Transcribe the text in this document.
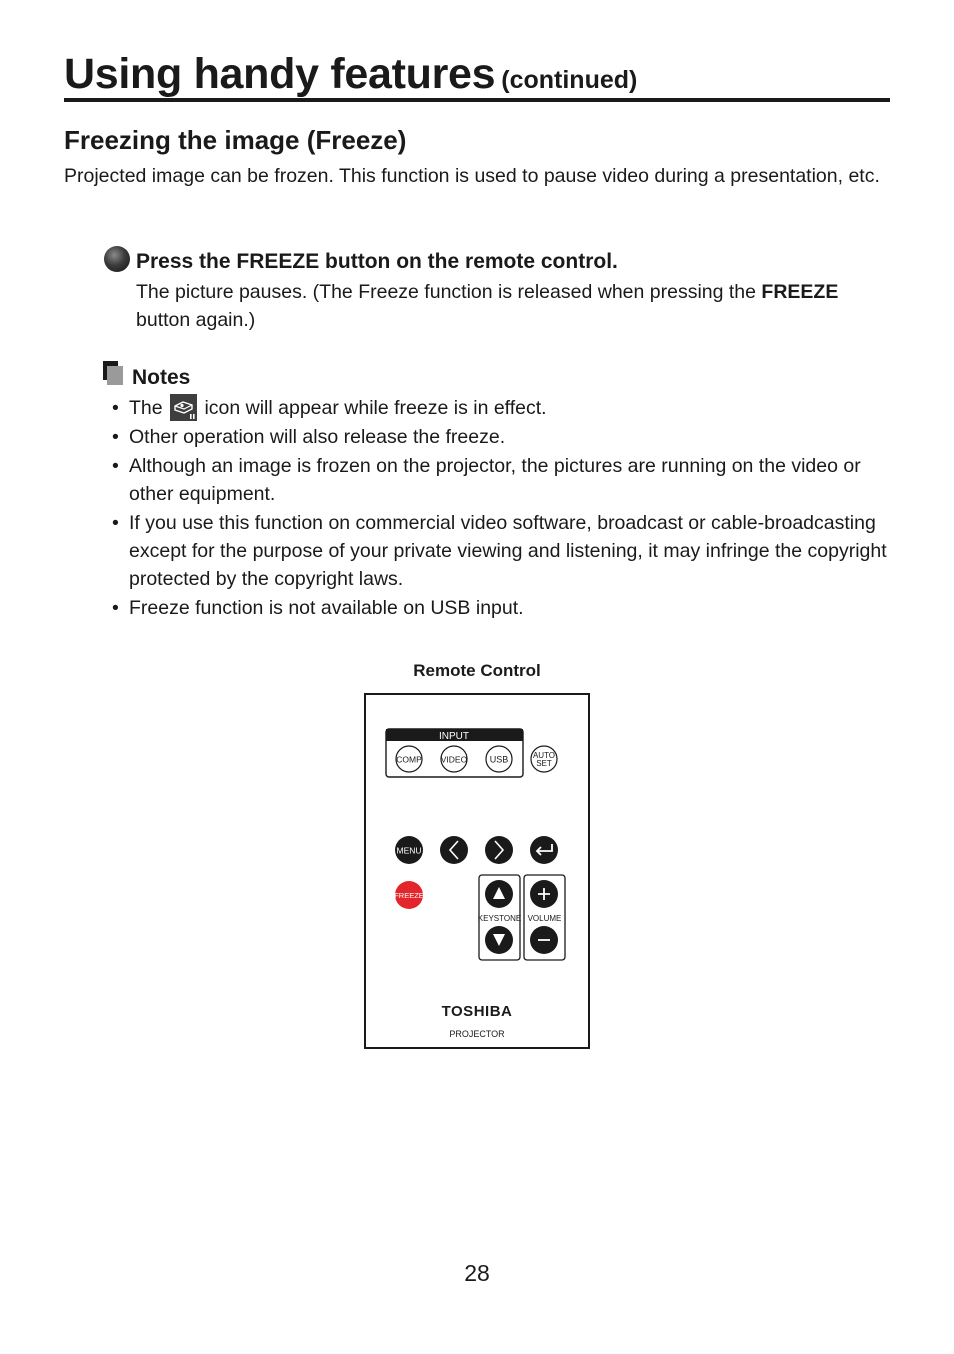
Using handy features (continued)
Freezing the image (Freeze)

Projected image can be frozen. This function is used to pause video during a presentation, etc.

Press the FREEZE button on the remote control.

The picture pauses. (The Freeze function is released when pressing the FREEZE button again.)

Notes

• The icon will appear while freeze is in effect.
• Other operation will also release the freeze.
• Although an image is frozen on the projector, the pictures are running on the video or other equipment.
• If you use this function on commercial video software, broadcast or cable-broadcasting except for the purpose of your private viewing and listening, it may infringe the copyright protected by the copyright laws.
• Freeze function is not available on USB input.
Remote Control
INPUT
COMP VIDEO	USB	AUTO
SET
MENU
FREEZE
KEYSTONE VOLUME
TOSHIBA
PROJECTOR
28
